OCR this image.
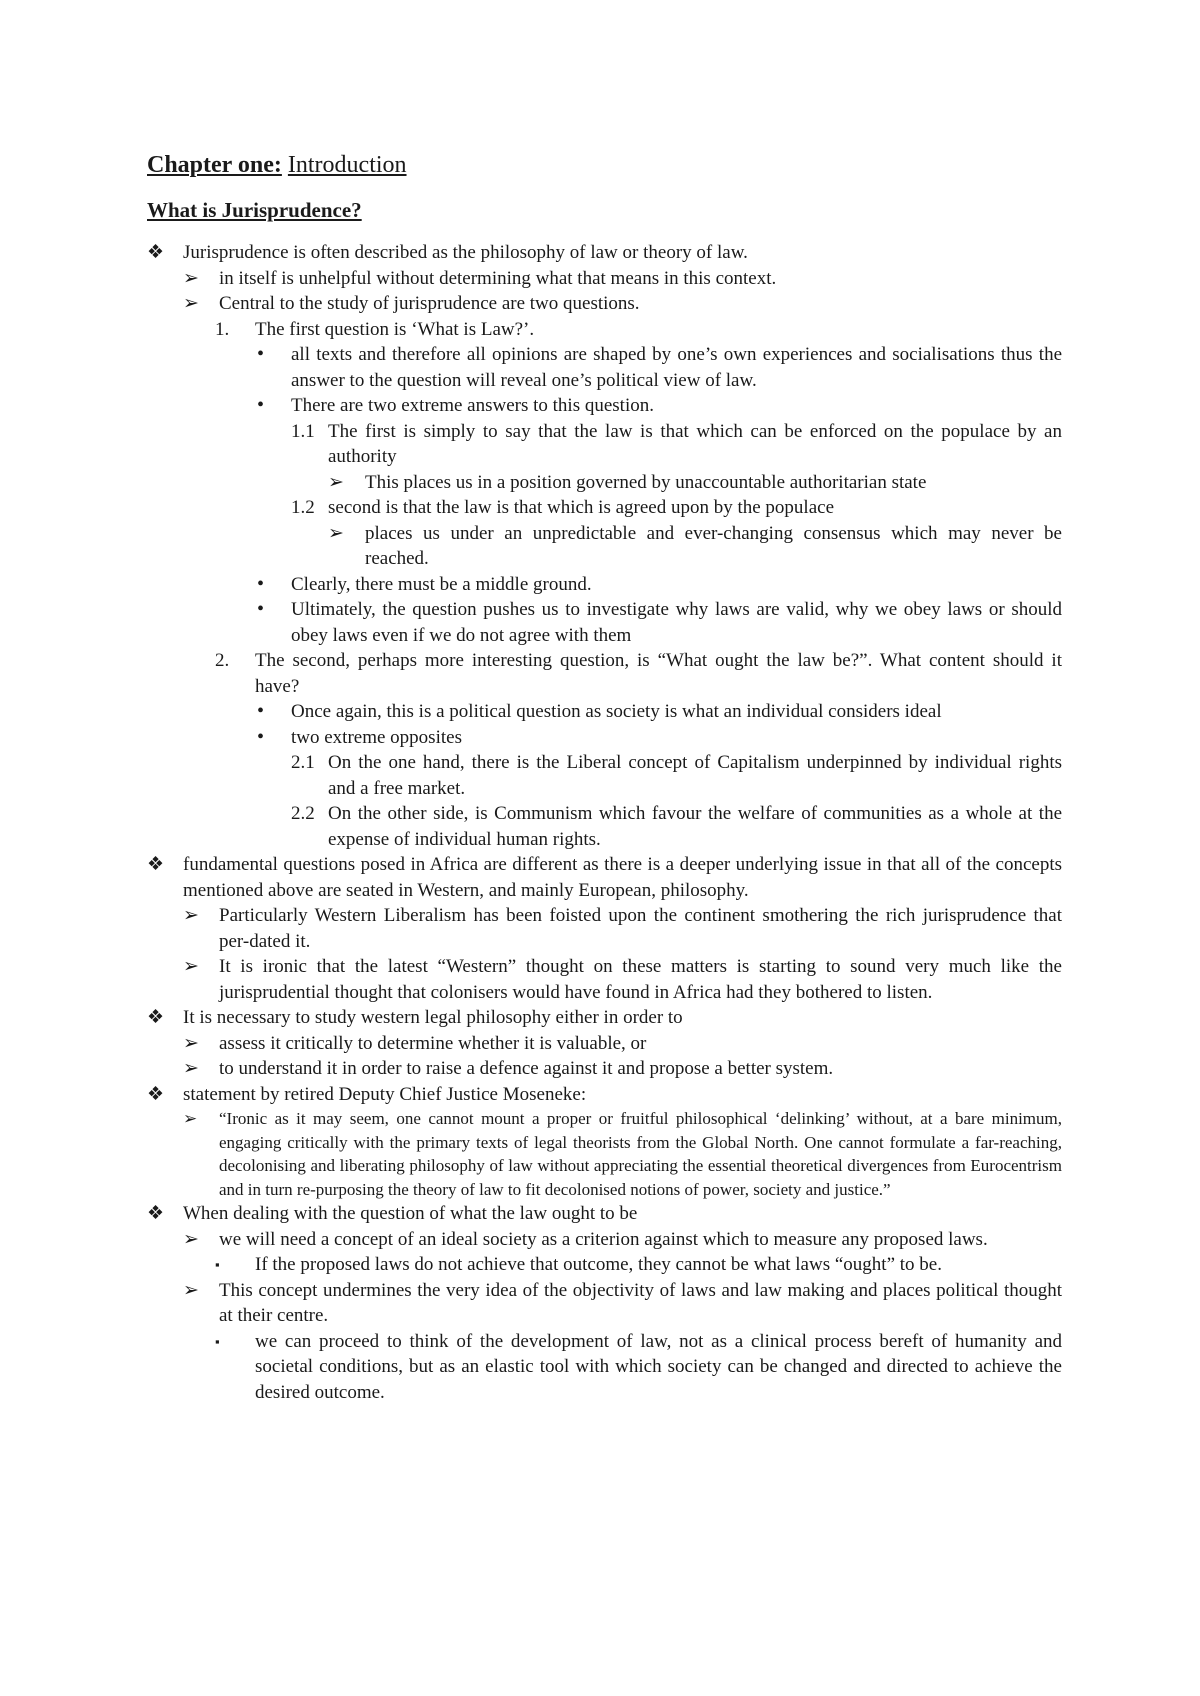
Chapter one: Introduction
What is Jurisprudence?
❖ Jurisprudence is often described as the philosophy of law or theory of law.
➢ in itself is unhelpful without determining what that means in this context.
➢ Central to the study of jurisprudence are two questions.
1. The first question is ‘What is Law?’.
• all texts and therefore all opinions are shaped by one’s own experiences and socialisations thus the answer to the question will reveal one’s political view of law.
• There are two extreme answers to this question.
1.1 The first is simply to say that the law is that which can be enforced on the populace by an authority
➢ This places us in a position governed by unaccountable authoritarian state
1.2 second is that the law is that which is agreed upon by the populace
➢ places us under an unpredictable and ever-changing consensus which may never be reached.
• Clearly, there must be a middle ground.
• Ultimately, the question pushes us to investigate why laws are valid, why we obey laws or should obey laws even if we do not agree with them
2. The second, perhaps more interesting question, is “What ought the law be?”. What content should it have?
• Once again, this is a political question as society is what an individual considers ideal
• two extreme opposites
2.1 On the one hand, there is the Liberal concept of Capitalism underpinned by individual rights and a free market.
2.2 On the other side, is Communism which favour the welfare of communities as a whole at the expense of individual human rights.
❖ fundamental questions posed in Africa are different as there is a deeper underlying issue in that all of the concepts mentioned above are seated in Western, and mainly European, philosophy.
➢ Particularly Western Liberalism has been foisted upon the continent smothering the rich jurisprudence that per-dated it.
➢ It is ironic that the latest “Western” thought on these matters is starting to sound very much like the jurisprudential thought that colonisers would have found in Africa had they bothered to listen.
❖ It is necessary to study western legal philosophy either in order to
➢ assess it critically to determine whether it is valuable, or
➢ to understand it in order to raise a defence against it and propose a better system.
❖ statement by retired Deputy Chief Justice Moseneke:
➢ “Ironic as it may seem, one cannot mount a proper or fruitful philosophical ‘delinking’ without, at a bare minimum, engaging critically with the primary texts of legal theorists from the Global North. One cannot formulate a far-reaching, decolonising and liberating philosophy of law without appreciating the essential theoretical divergences from Eurocentrism and in turn re-purposing the theory of law to fit decolonised notions of power, society and justice.”
❖ When dealing with the question of what the law ought to be
➢ we will need a concept of an ideal society as a criterion against which to measure any proposed laws.
▪ If the proposed laws do not achieve that outcome, they cannot be what laws “ought” to be.
➢ This concept undermines the very idea of the objectivity of laws and law making and places political thought at their centre.
▪ we can proceed to think of the development of law, not as a clinical process bereft of humanity and societal conditions, but as an elastic tool with which society can be changed and directed to achieve the desired outcome.
